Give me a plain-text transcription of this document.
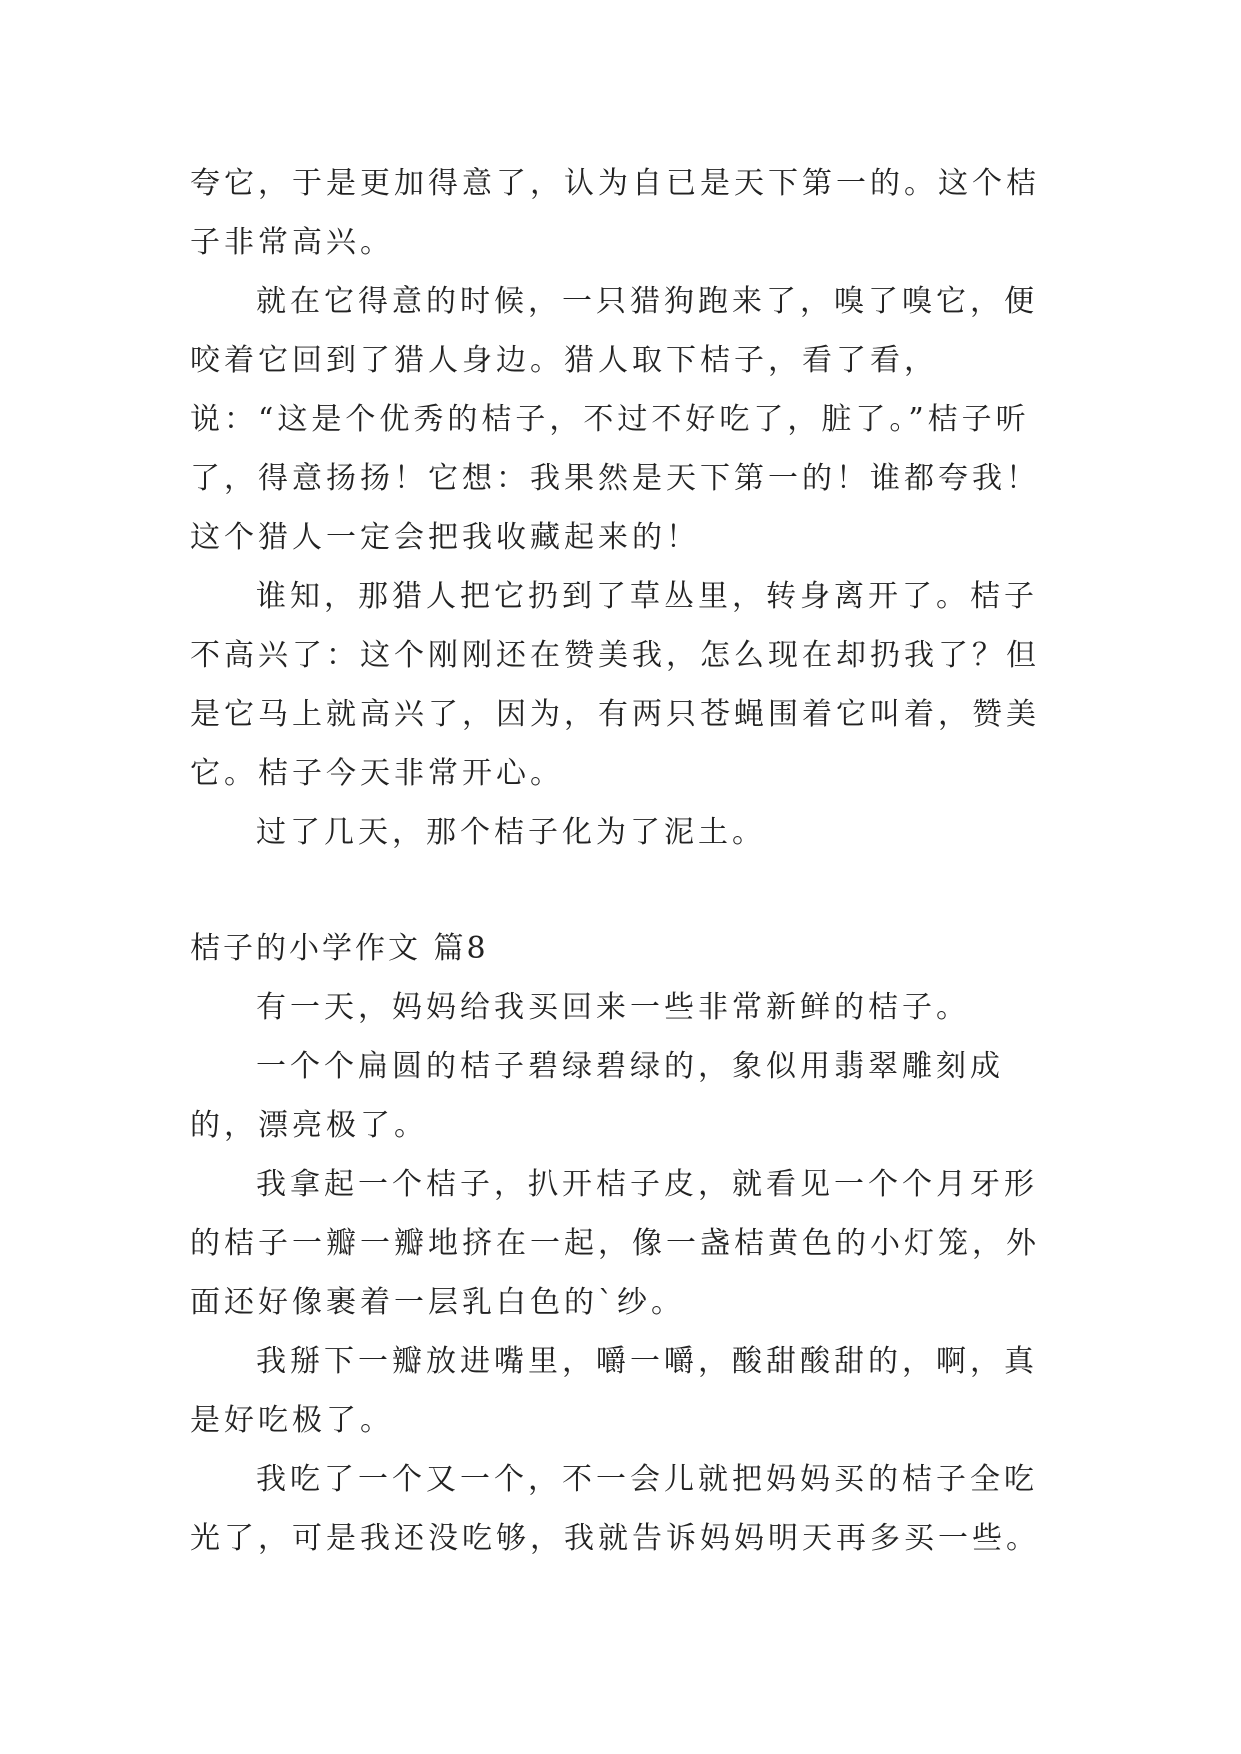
夸它，于是更加得意了，认为自已是天下第一的。这个桔子非常高兴。

就在它得意的时候，一只猎狗跑来了，嗅了嗅它，便咬着它回到了猎人身边。猎人取下桔子，看了看，说：“这是个优秀的桔子，不过不好吃了，脏了。”桔子听了，得意扬扬！它想：我果然是天下第一的！谁都夸我！这个猎人一定会把我收藏起来的！

谁知，那猎人把它扔到了草丛里，转身离开了。桔子不高兴了：这个刚刚还在赞美我，怎么现在却扔我了？但是它马上就高兴了，因为，有两只苍蝇围着它叫着，赞美它。桔子今天非常开心。

过了几天，那个桔子化为了泥土。

桔子的小学作文 篇8

有一天，妈妈给我买回来一些非常新鲜的桔子。

一个个扁圆的桔子碧绿碧绿的，象似用翡翠雕刻成的，漂亮极了。

我拿起一个桔子，扒开桔子皮，就看见一个个月牙形的桔子一瓣一瓣地挤在一起，像一盏桔黄色的小灯笼，外面还好像裹着一层乳白色的`纱。

我掰下一瓣放进嘴里，嚼一嚼，酸甜酸甜的，啊，真是好吃极了。

我吃了一个又一个，不一会儿就把妈妈买的桔子全吃光了，可是我还没吃够，我就告诉妈妈明天再多买一些。
